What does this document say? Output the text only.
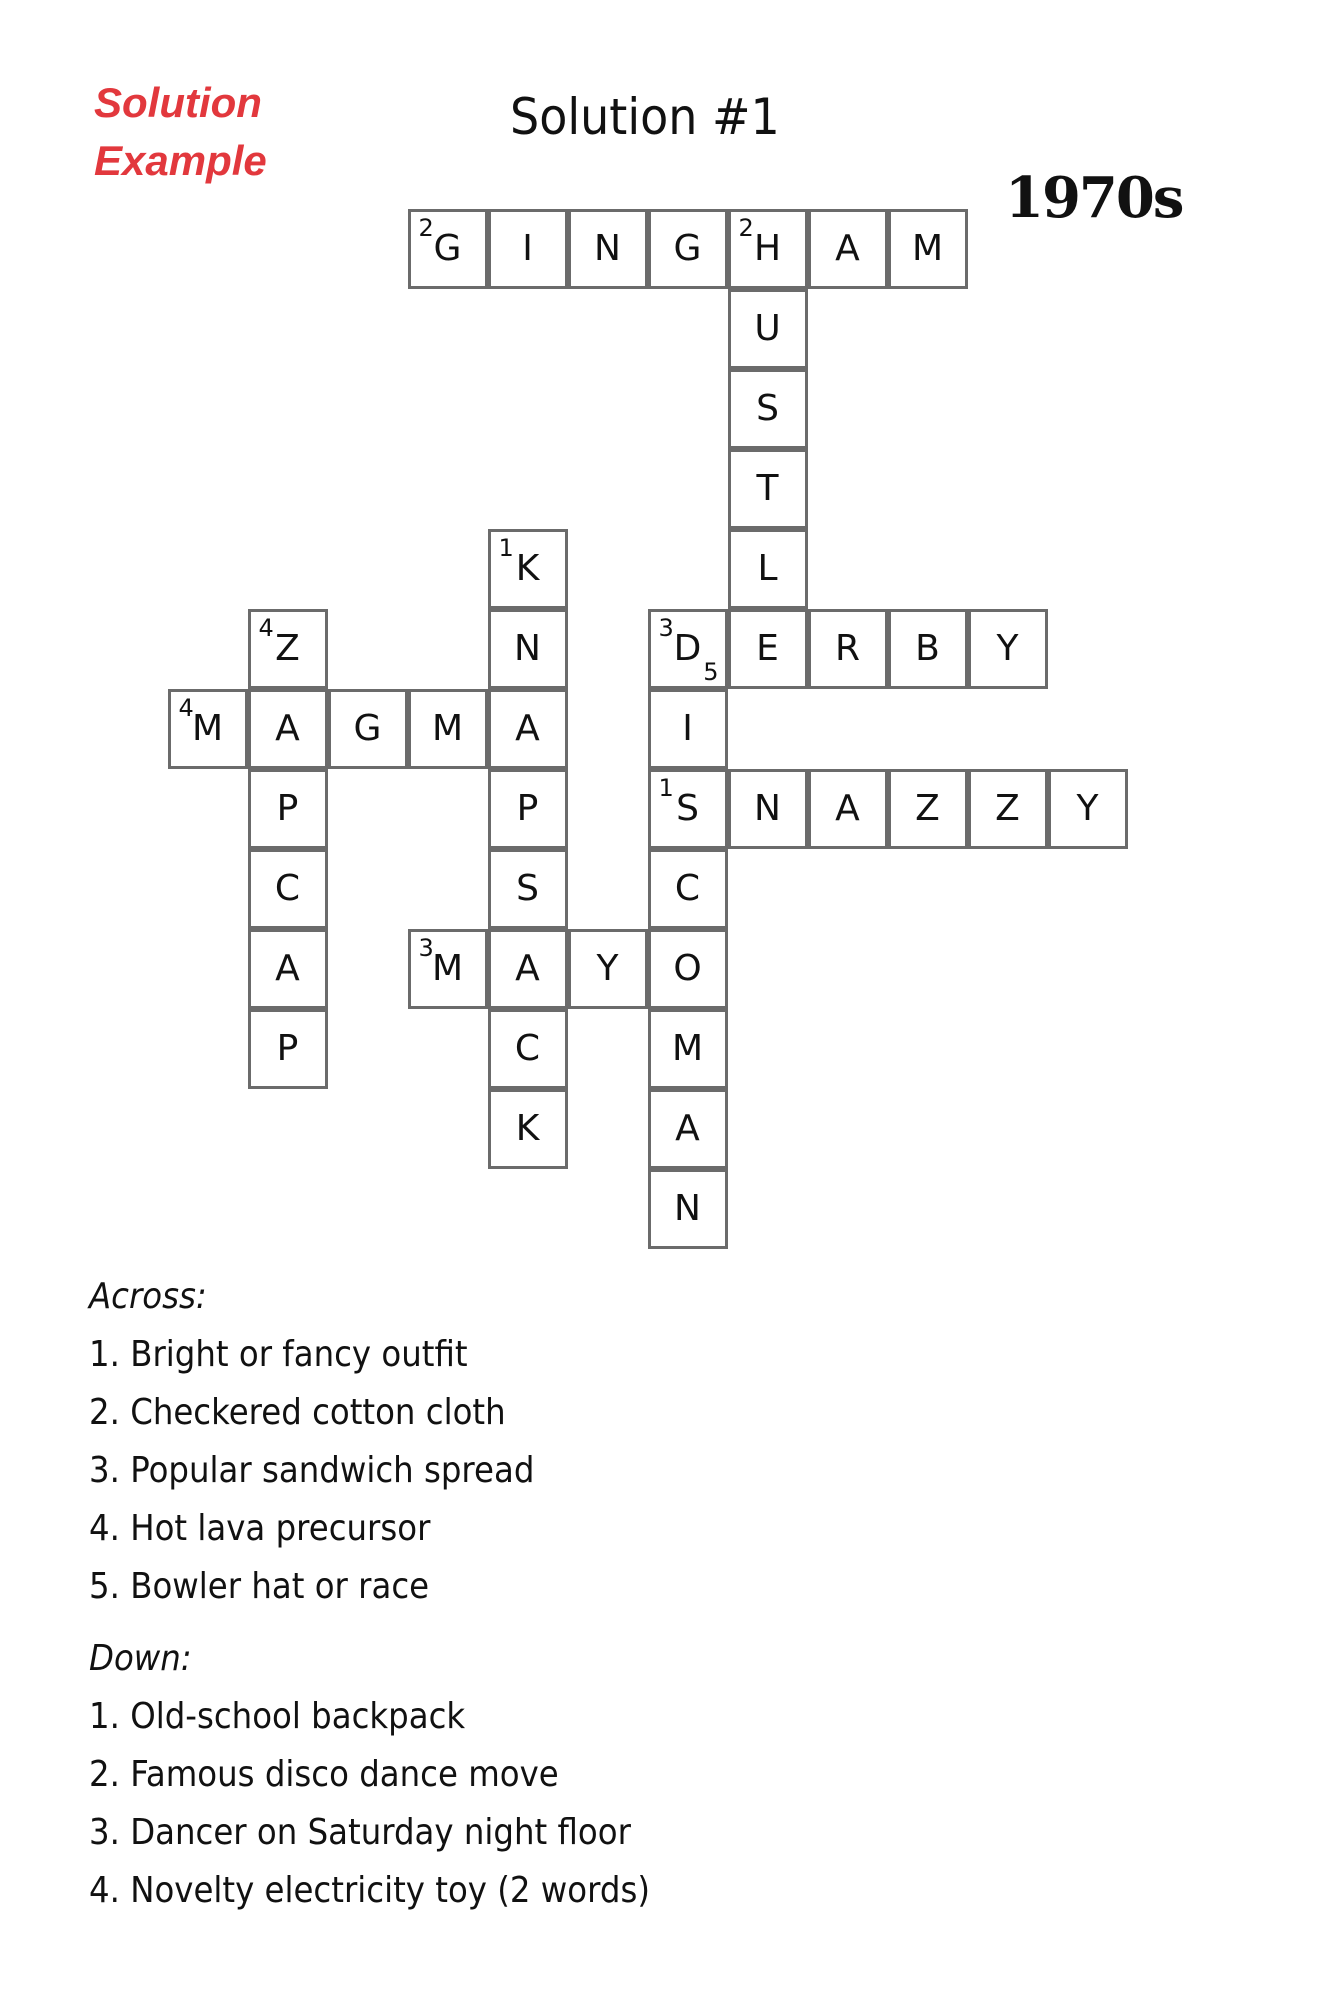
Solution
Example
Solution #1
1970s
G
2
I N G H
2
A M
U
S
T
L
K
1
N
A
P
S
A
C
K
D
3
5
E R B Y
Z
4
A
P
C
A
P
M
4
G M	I
S
1
N A Z Z Y
C
M
3
Y O
M
A
N
Across:
1. Bright or fancy outfit
2. Checkered cotton cloth
3. Popular sandwich spread
4. Hot lava precursor
5. Bowler hat or race
Down:
1. Old-school backpack
2. Famous disco dance move
3. Dancer on Saturday night floor
4. Novelty electricity toy (2 words)
